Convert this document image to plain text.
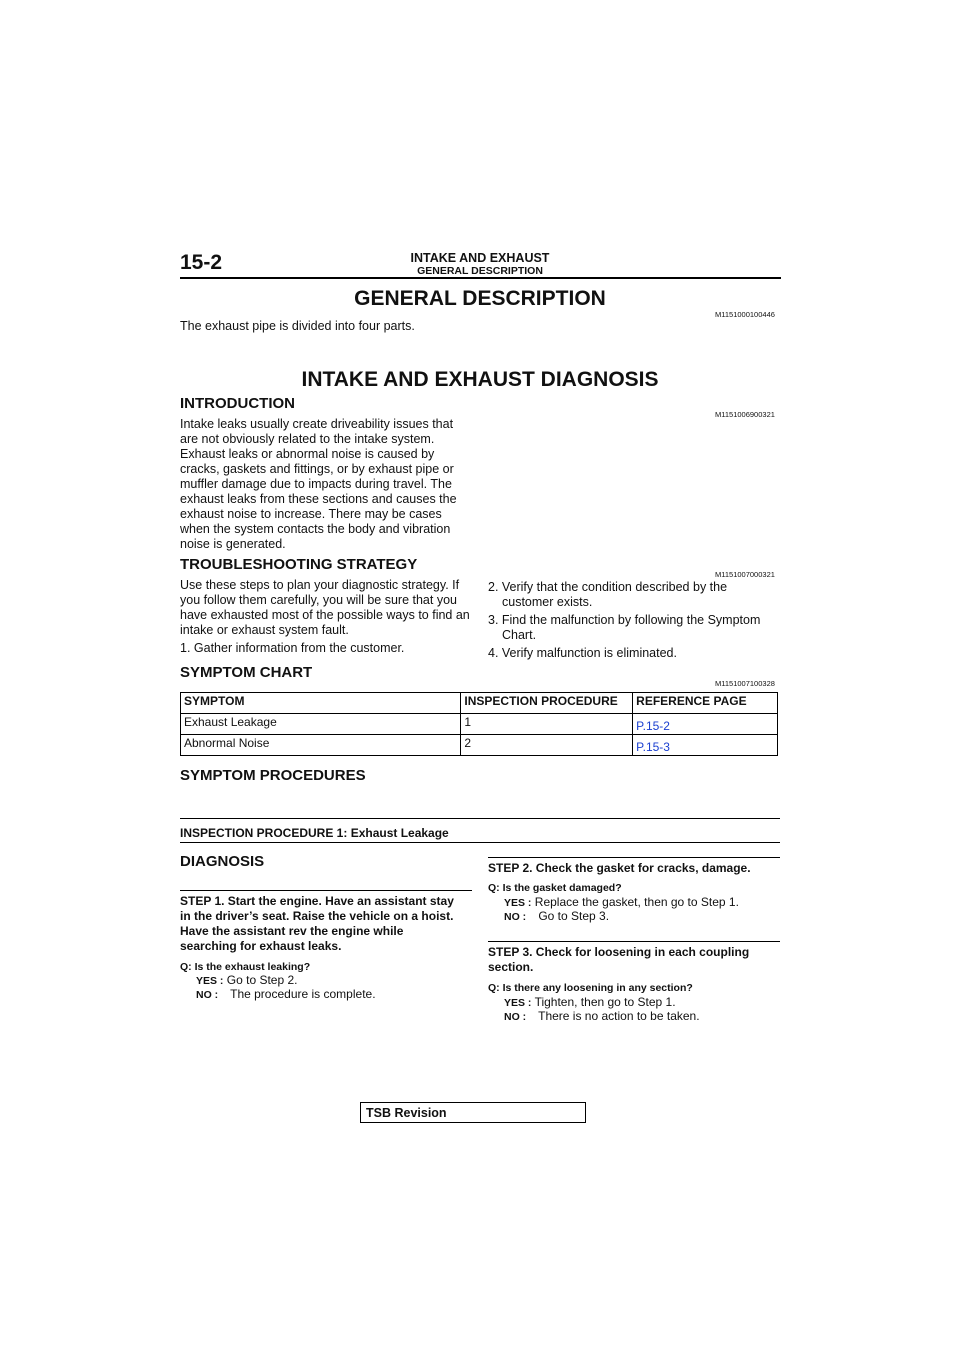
15-2	INTAKE AND EXHAUST
GENERAL DESCRIPTION
GENERAL DESCRIPTION
M1151000100446
The exhaust pipe is divided into four parts.
INTAKE AND EXHAUST DIAGNOSIS
INTRODUCTION
M1151006900321
Intake leaks usually create driveability issues that
are not obviously related to the intake system.
Exhaust leaks or abnormal noise is caused by
cracks, gaskets and fittings, or by exhaust pipe or
muffler damage due to impacts during travel. The
exhaust leaks from these sections and causes the
exhaust noise to increase. There may be cases
when the system contacts the body and vibration
noise is generated.
TROUBLESHOOTING STRATEGY
M1151007000321
Use these steps to plan your diagnostic strategy. If
you follow them carefully, you will be sure that you
have exhausted most of the possible ways to find an
intake or exhaust system fault.
1. Gather information from the customer.
2. Verify that the condition described by the customer exists.
3. Find the malfunction by following the Symptom Chart.
4. Verify malfunction is eliminated.
SYMPTOM CHART
M1151007100328
SYMPTOM	INSPECTION PROCEDURE	REFERENCE PAGE
Exhaust Leakage	1	P.15-2
Abnormal Noise	2	P.15-3
SYMPTOM PROCEDURES
INSPECTION PROCEDURE 1: Exhaust Leakage
DIAGNOSIS
STEP 1. Start the engine. Have an assistant stay
in the driver’s seat. Raise the vehicle on a hoist.
Have the assistant rev the engine while
searching for exhaust leaks.
Q: Is the exhaust leaking?
YES : Go to Step 2.
NO : The procedure is complete.
STEP 2. Check the gasket for cracks, damage.
Q: Is the gasket damaged?
YES : Replace the gasket, then go to Step 1.
NO : Go to Step 3.
STEP 3. Check for loosening in each coupling
section.
Q: Is there any loosening in any section?
YES : Tighten, then go to Step 1.
NO : There is no action to be taken.
TSB Revision
